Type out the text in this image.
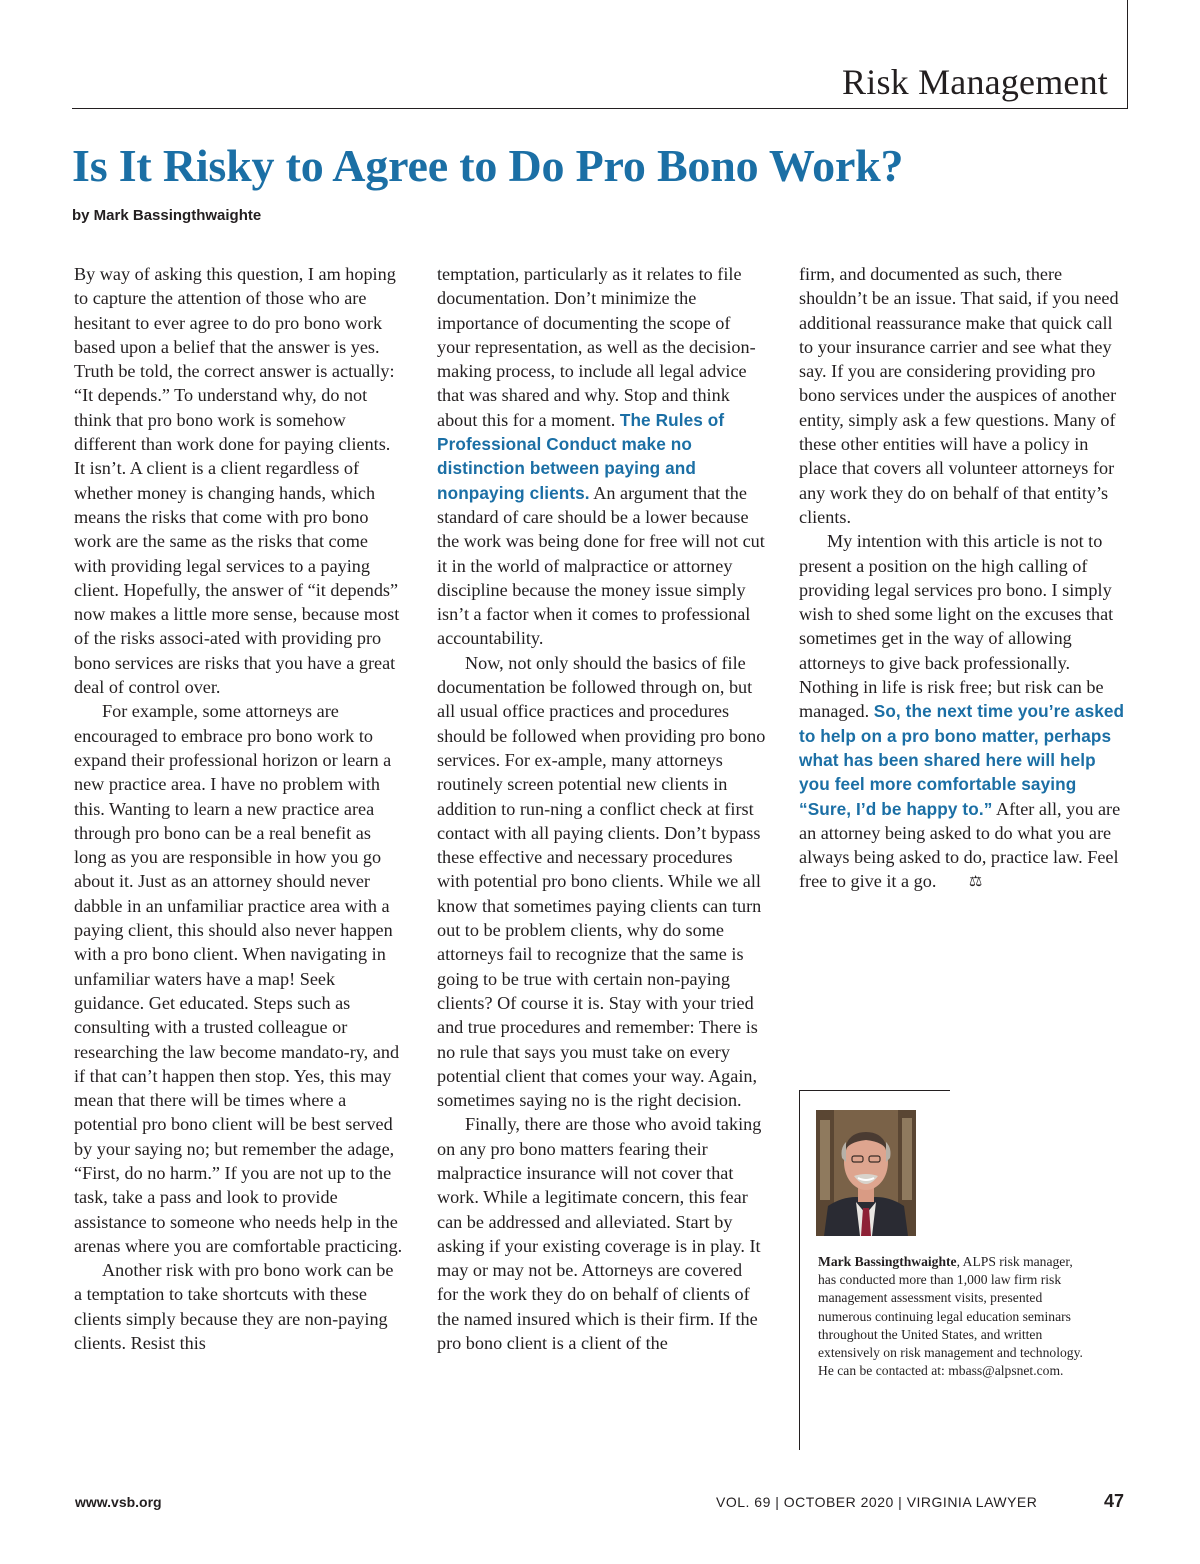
Risk Management
Is It Risky to Agree to Do Pro Bono Work?
by Mark Bassingthwaighte

By way of asking this question, I am hoping to capture the attention of those who are hesitant to ever agree to do pro bono work based upon a belief that the answer is yes. Truth be told, the correct answer is actually: “It depends.” To understand why, do not think that pro bono work is somehow different than work done for paying clients. It isn’t. A client is a client regardless of whether money is changing hands, which means the risks that come with pro bono work are the same as the risks that come with providing legal services to a paying client. Hopefully, the answer of “it depends” now makes a little more sense, because most of the risks associ-ated with providing pro bono services are risks that you have a great deal of control over.

For example, some attorneys are encouraged to embrace pro bono work to expand their professional horizon or learn a new practice area. I have no problem with this. Wanting to learn a new practice area through pro bono can be a real benefit as long as you are responsible in how you go about it. Just as an attorney should never dabble in an unfamiliar practice area with a paying client, this should also never happen with a pro bono client. When navigating in unfamiliar waters have a map! Seek guidance. Get educated. Steps such as consulting with a trusted colleague or researching the law become mandato-ry, and if that can’t happen then stop. Yes, this may mean that there will be times where a potential pro bono client will be best served by your saying no; but remember the adage, “First, do no harm.” If you are not up to the task, take a pass and look to provide assistance to someone who needs help in the arenas where you are comfortable practicing.

Another risk with pro bono work can be a temptation to take shortcuts with these clients simply because they are non-paying clients. Resist this

temptation, particularly as it relates to file documentation. Don’t minimize the importance of documenting the scope of your representation, as well as the decision-making process, to include all legal advice that was shared and why. Stop and think about this for a moment. The Rules of Professional Conduct make no distinction between paying and nonpaying clients. An argument that the standard of care should be a lower because the work was being done for free will not cut it in the world of malpractice or attorney discipline because the money issue simply isn’t a factor when it comes to professional accountability.

Now, not only should the basics of file documentation be followed through on, but all usual office practices and procedures should be followed when providing pro bono services. For ex-ample, many attorneys routinely screen potential new clients in addition to run-ning a conflict check at first contact with all paying clients. Don’t bypass these effective and necessary procedures with potential pro bono clients. While we all know that sometimes paying clients can turn out to be problem clients, why do some attorneys fail to recognize that the same is going to be true with certain non-paying clients? Of course it is. Stay with your tried and true procedures and remember: There is no rule that says you must take on every potential client that comes your way. Again, sometimes saying no is the right decision.

Finally, there are those who avoid taking on any pro bono matters fearing their malpractice insurance will not cover that work. While a legitimate concern, this fear can be addressed and alleviated. Start by asking if your existing coverage is in play. It may or may not be. Attorneys are covered for the work they do on behalf of clients of the named insured which is their firm. If the pro bono client is a client of the

firm, and documented as such, there shouldn’t be an issue. That said, if you need additional reassurance make that quick call to your insurance carrier and see what they say. If you are considering providing pro bono services under the auspices of another entity, simply ask a few questions. Many of these other entities will have a policy in place that covers all volunteer attorneys for any work they do on behalf of that entity’s clients.

My intention with this article is not to present a position on the high calling of providing legal services pro bono. I simply wish to shed some light on the excuses that sometimes get in the way of allowing attorneys to give back professionally. Nothing in life is risk free; but risk can be managed. So, the next time you’re asked to help on a pro bono matter, perhaps what has been shared here will help you feel more comfortable saying “Sure, I’d be happy to.” After all, you are an attorney being asked to do what you are always being asked to do, practice law. Feel free to give it a go. ⚖

Mark Bassingthwaighte, ALPS risk manager, has conducted more than 1,000 law firm risk management assessment visits, presented numerous continuing legal education seminars throughout the United States, and written extensively on risk management and technology. He can be contacted at: mbass@alpsnet.com.
www.vsb.org	VOL. 69 | OCTOBER 2020 | VIRGINIA LAWYER	47
